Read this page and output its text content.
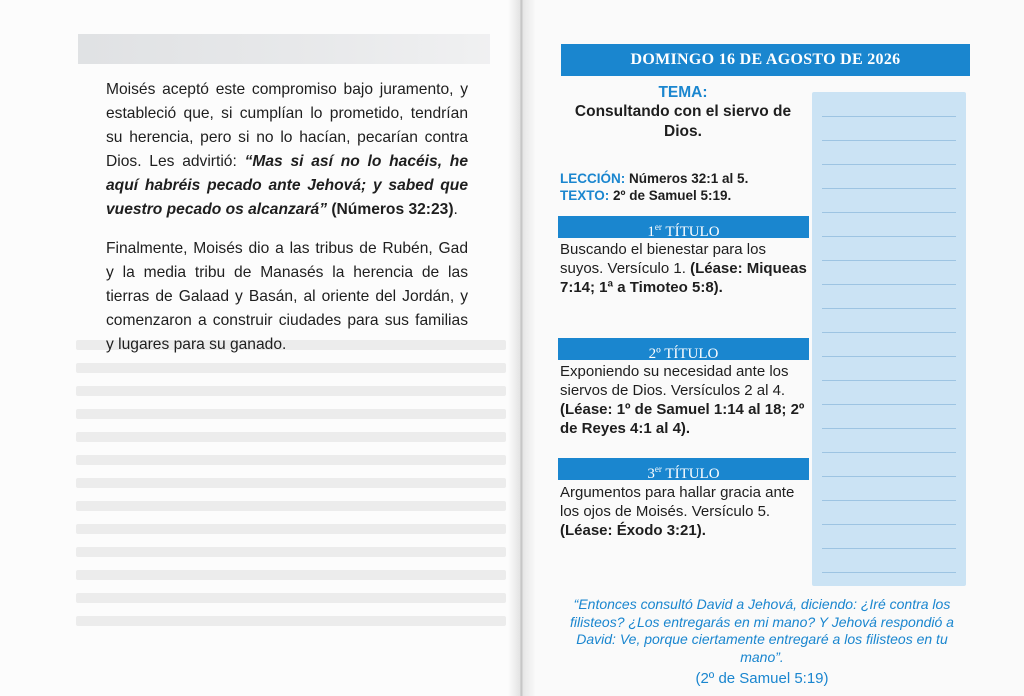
Moisés aceptó este compromiso bajo juramento, y estableció que, si cumplían lo prometido, tendrían su herencia, pero si no lo hacían, pecarían contra Dios. Les advirtió: “Mas si así no lo hacéis, he aquí habréis pecado ante Jehová; y sabed que vuestro pecado os alcanzará” (Números 32:23).

Finalmente, Moisés dio a las tribus de Rubén, Gad y la media tribu de Manasés la herencia de las tierras de Galaad y Basán, al oriente del Jordán, y comenzaron a construir ciudades para sus familias y lugares para su ganado.

DOMINGO 16 DE AGOSTO DE 2026
TEMA:
Consultando con el siervo de Dios.
LECCIÓN: Números 32:1 al 5.
TEXTO: 2º de Samuel 5:19.
1er TÍTULO
Buscando el bienestar para los suyos. Versículo 1. (Léase: Miqueas 7:14; 1ª a Timoteo 5:8).
2º TÍTULO
Exponiendo su necesidad ante los siervos de Dios. Versículos 2 al 4. (Léase: 1º de Samuel 1:14 al 18; 2º de Reyes 4:1 al 4).
3er TÍTULO
Argumentos para hallar gracia ante los ojos de Moisés. Versículo 5. (Léase: Éxodo 3:21).
“Entonces consultó David a Jehová, diciendo: ¿Iré contra los filisteos? ¿Los entregarás en mi mano? Y Jehová respondió a David: Ve, porque ciertamente entregaré a los filisteos en tu mano”.
(2º de Samuel 5:19)
